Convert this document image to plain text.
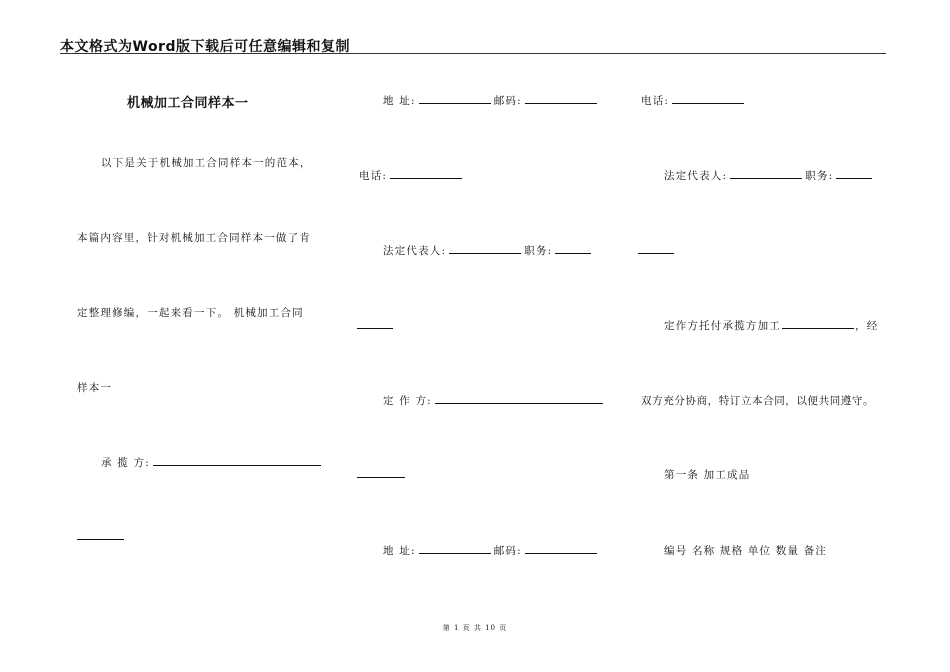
本文格式为Word版下载后可任意编辑和复制
机械加工合同样本一
以下是关于机械加工合同样本一的范本，
本篇内容里，针对机械加工合同样本一做了肯
定整理修编，一起来看一下。 机械加工合同
样本一
承 揽 方:
地 址:	邮码:
电话:
法定代表人:	职务:
定 作 方:
地 址:	邮码:
电话:
法定代表人:	职务:
定作方托付承揽方加工	，经
双方充分协商，特订立本合同，以便共同遵守。
第一条 加工成品
编号 名称 规格 单位 数量 备注
第 1 页 共 10 页
